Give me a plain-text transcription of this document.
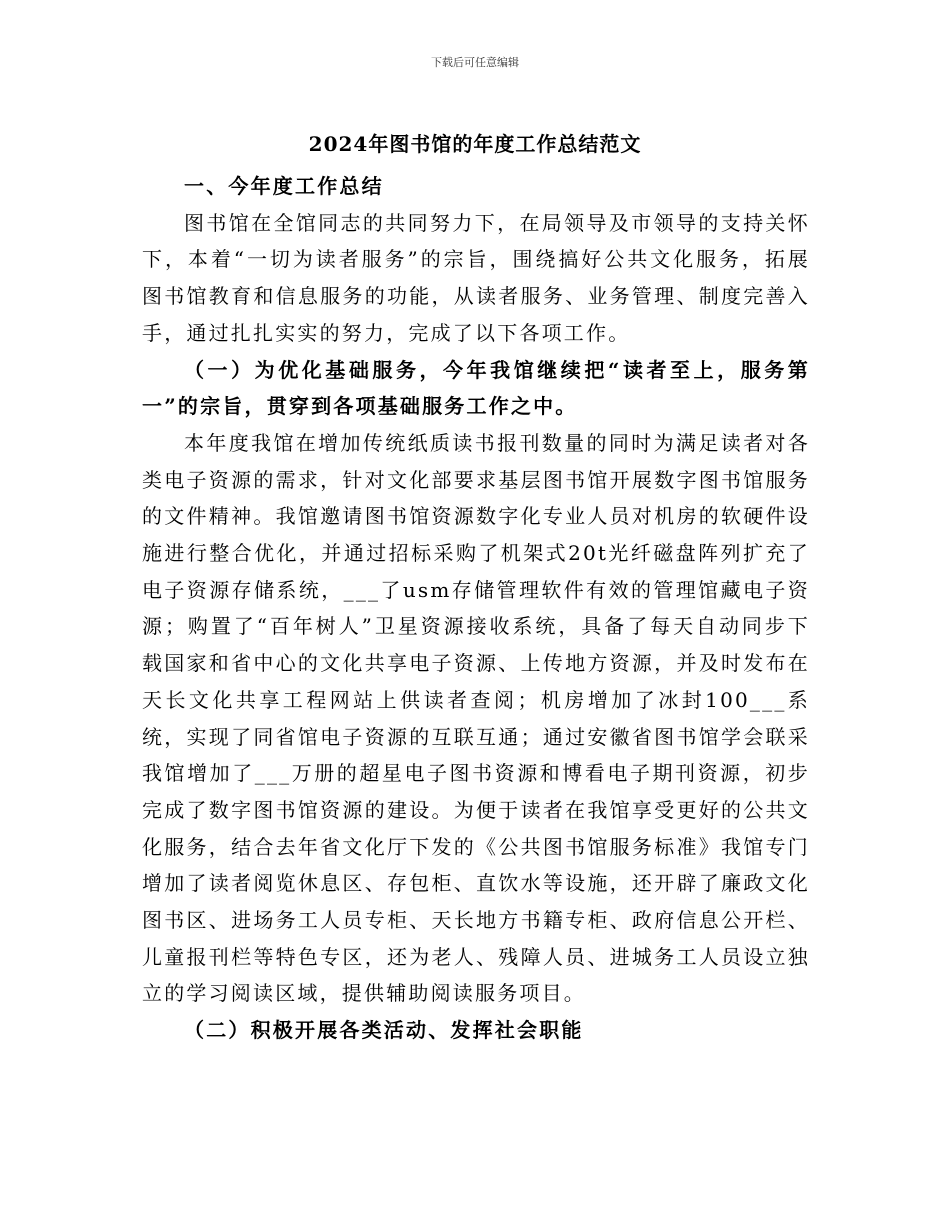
下载后可任意编辑
2024年图书馆的年度工作总结范文

一、今年度工作总结

图书馆在全馆同志的共同努力下，在局领导及市领导的支持关怀下，本着“一切为读者服务”的宗旨，围绕搞好公共文化服务，拓展图书馆教育和信息服务的功能，从读者服务、业务管理、制度完善入手，通过扎扎实实的努力，完成了以下各项工作。

（一）为优化基础服务，今年我馆继续把“读者至上，服务第一”的宗旨，贯穿到各项基础服务工作之中。

本年度我馆在增加传统纸质读书报刊数量的同时为满足读者对各类电子资源的需求，针对文化部要求基层图书馆开展数字图书馆服务的文件精神。我馆邀请图书馆资源数字化专业人员对机房的软硬件设施进行整合优化，并通过招标采购了机架式20t光纤磁盘阵列扩充了电子资源存储系统，___了usm存储管理软件有效的管理馆藏电子资源；购置了“百年树人”卫星资源接收系统，具备了每天自动同步下载国家和省中心的文化共享电子资源、上传地方资源，并及时发布在天长文化共享工程网站上供读者查阅；机房增加了冰封100___系统，实现了同省馆电子资源的互联互通；通过安徽省图书馆学会联采我馆增加了___万册的超星电子图书资源和博看电子期刊资源，初步完成了数字图书馆资源的建设。为便于读者在我馆享受更好的公共文化服务，结合去年省文化厅下发的《公共图书馆服务标准》我馆专门增加了读者阅览休息区、存包柜、直饮水等设施，还开辟了廉政文化图书区、进场务工人员专柜、天长地方书籍专柜、政府信息公开栏、儿童报刊栏等特色专区，还为老人、残障人员、进城务工人员设立独立的学习阅读区域，提供辅助阅读服务项目。

（二）积极开展各类活动、发挥社会职能
